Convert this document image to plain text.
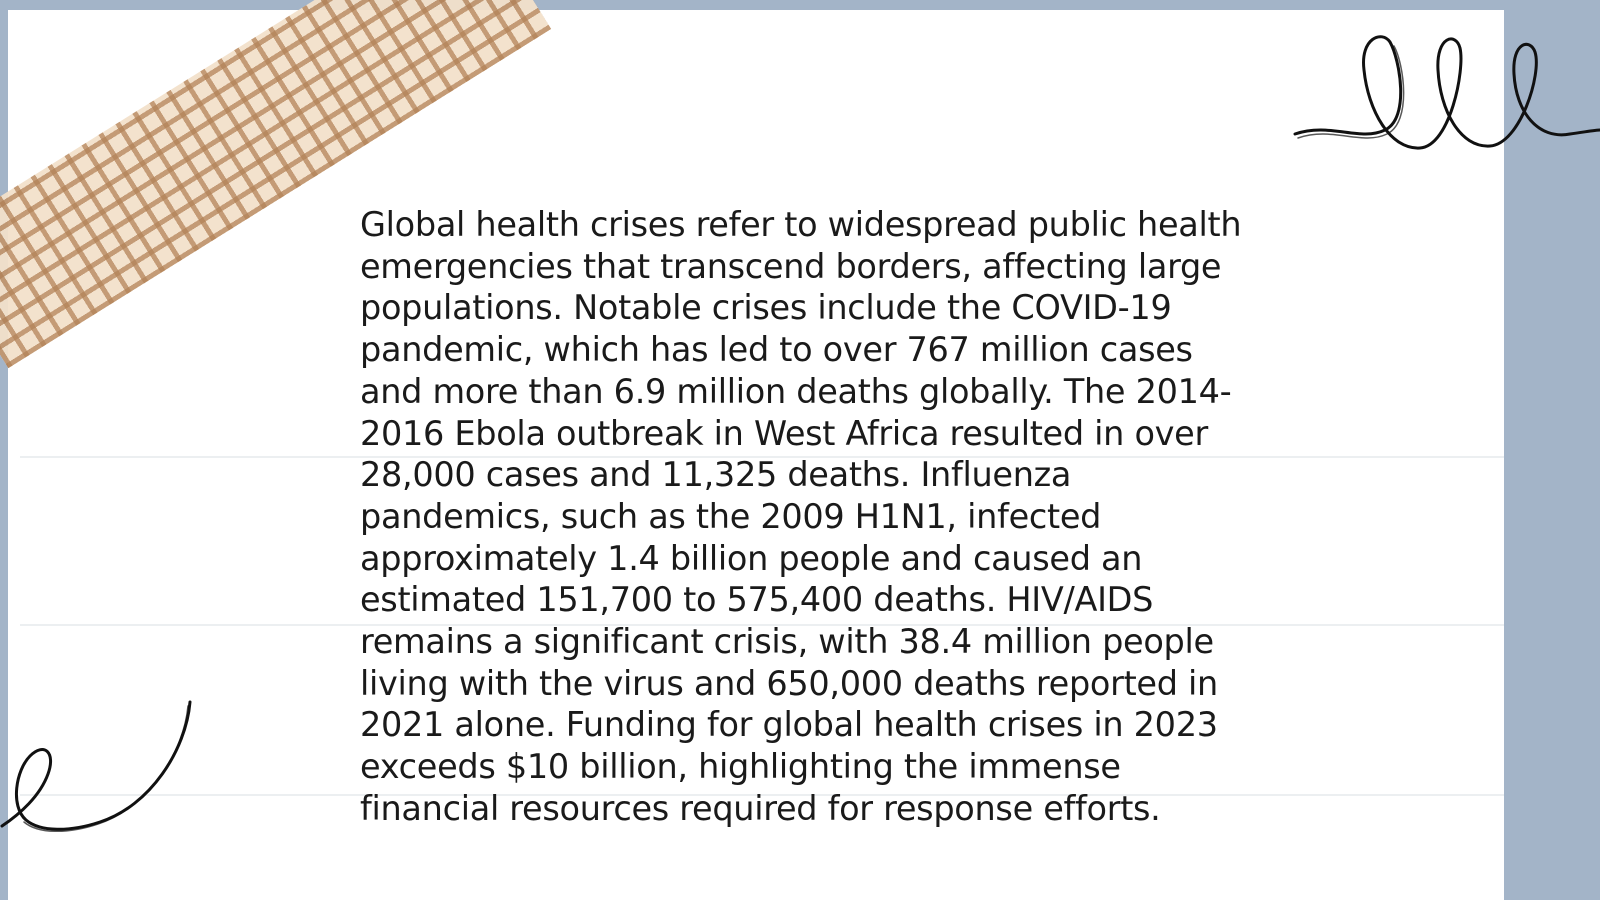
Global health crises refer to widespread public health emergencies that transcend borders, affecting large populations. Notable crises include the COVID-19 pandemic, which has led to over 767 million cases and more than 6.9 million deaths globally. The 2014-2016 Ebola outbreak in West Africa resulted in over 28,000 cases and 11,325 deaths. Influenza pandemics, such as the 2009 H1N1, infected approximately 1.4 billion people and caused an estimated 151,700 to 575,400 deaths. HIV/AIDS remains a significant crisis, with 38.4 million people living with the virus and 650,000 deaths reported in 2021 alone. Funding for global health crises in 2023 exceeds $10 billion, highlighting the immense financial resources required for response efforts.
